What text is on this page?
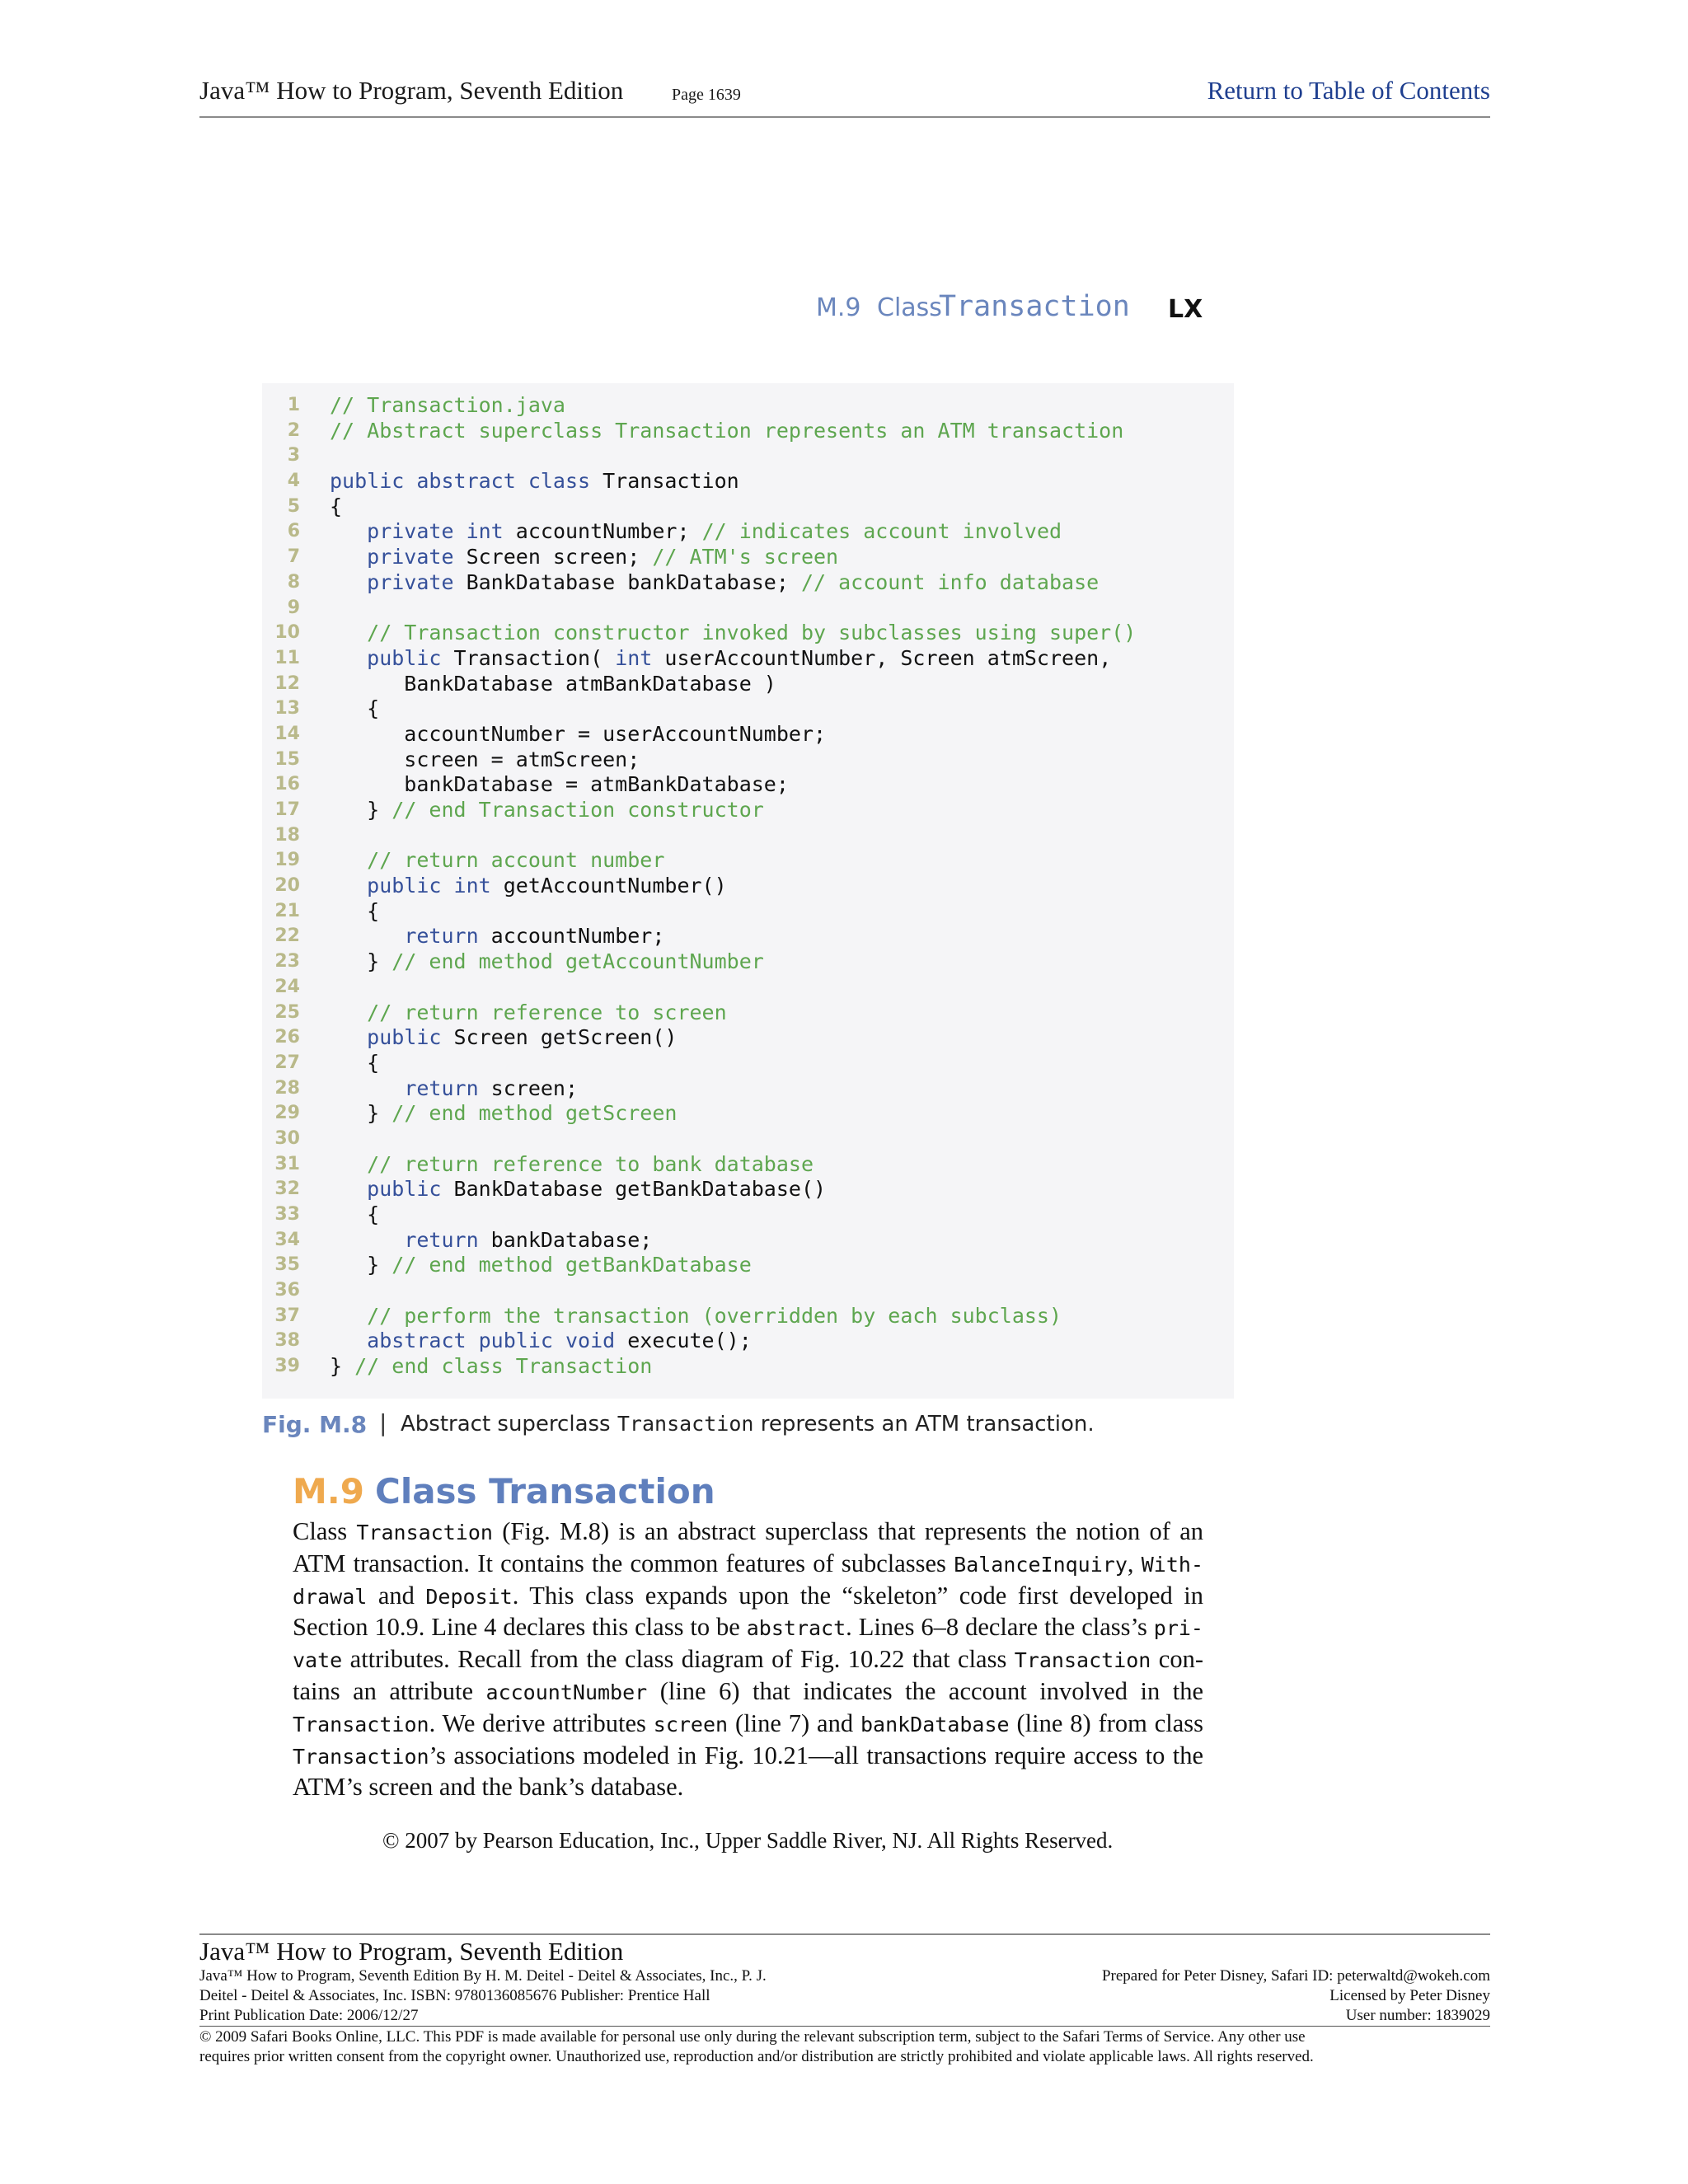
Java™ How to Program, Seventh Edition	Page 1639	Return to Table of Contents
M.9 Class
Transaction LX
1 // Transaction.java
2 // Abstract superclass Transaction represents an ATM transaction
3
4 public abstract class Transaction
5 {
6	private int accountNumber; // indicates account involved
7	private Screen screen; // ATM's screen
8	private BankDatabase bankDatabase; // account info database
9
10	// Transaction constructor invoked by subclasses using super()
11	public Transaction( int userAccountNumber, Screen atmScreen,
12 BankDatabase atmBankDatabase )
13 {
14 accountNumber = userAccountNumber;
15 screen = atmScreen;
16 bankDatabase = atmBankDatabase;
17 } // end Transaction constructor
18
19	// return account number
20	public int getAccountNumber()
21 {
22	return accountNumber;
23 } // end method getAccountNumber
24
25	// return reference to screen
26	public Screen getScreen()
27 {
28	return screen;
29 } // end method getScreen
30
31	// return reference to bank database
32	public BankDatabase getBankDatabase()
33 {
34	return bankDatabase;
35 } // end method getBankDatabase
36
37	// perform the transaction (overridden by each subclass)
38	abstract public void execute();
39 } // end class Transaction
Fig. M.8 | Abstract superclass Transaction represents an ATM transaction.
M.9 Class Transaction
Class Transaction (Fig. M.8) is an abstract superclass that represents the notion of an ATM transaction. It contains the common features of subclasses BalanceInquiry, With-drawal and Deposit. This class expands upon the “skeleton” code first developed in Section 10.9. Line 4 declares this class to be abstract. Lines 6–8 declare the class’s pri-vate attributes. Recall from the class diagram of Fig. 10.22 that class Transaction con-tains an attribute accountNumber (line 6) that indicates the account involved in the Transaction. We derive attributes screen (line 7) and bankDatabase (line 8) from class Transaction’s associations modeled in Fig. 10.21—all transactions require access to the ATM’s screen and the bank’s database.
© 2007 by Pearson Education, Inc., Upper Saddle River, NJ. All Rights Reserved.
Java™ How to Program, Seventh Edition
Java™ How to Program, Seventh Edition By H. M. Deitel - Deitel & Associates, Inc., P. J.
Deitel - Deitel & Associates, Inc. ISBN: 9780136085676 Publisher: Prentice Hall
Print Publication Date: 2006/12/27
Prepared for Peter Disney, Safari ID: peterwaltd@wokeh.com
Licensed by Peter Disney
User number: 1839029
© 2009 Safari Books Online, LLC. This PDF is made available for personal use only during the relevant subscription term, subject to the Safari Terms of Service. Any other use
requires prior written consent from the copyright owner. Unauthorized use, reproduction and/or distribution are strictly prohibited and violate applicable laws. All rights reserved.
